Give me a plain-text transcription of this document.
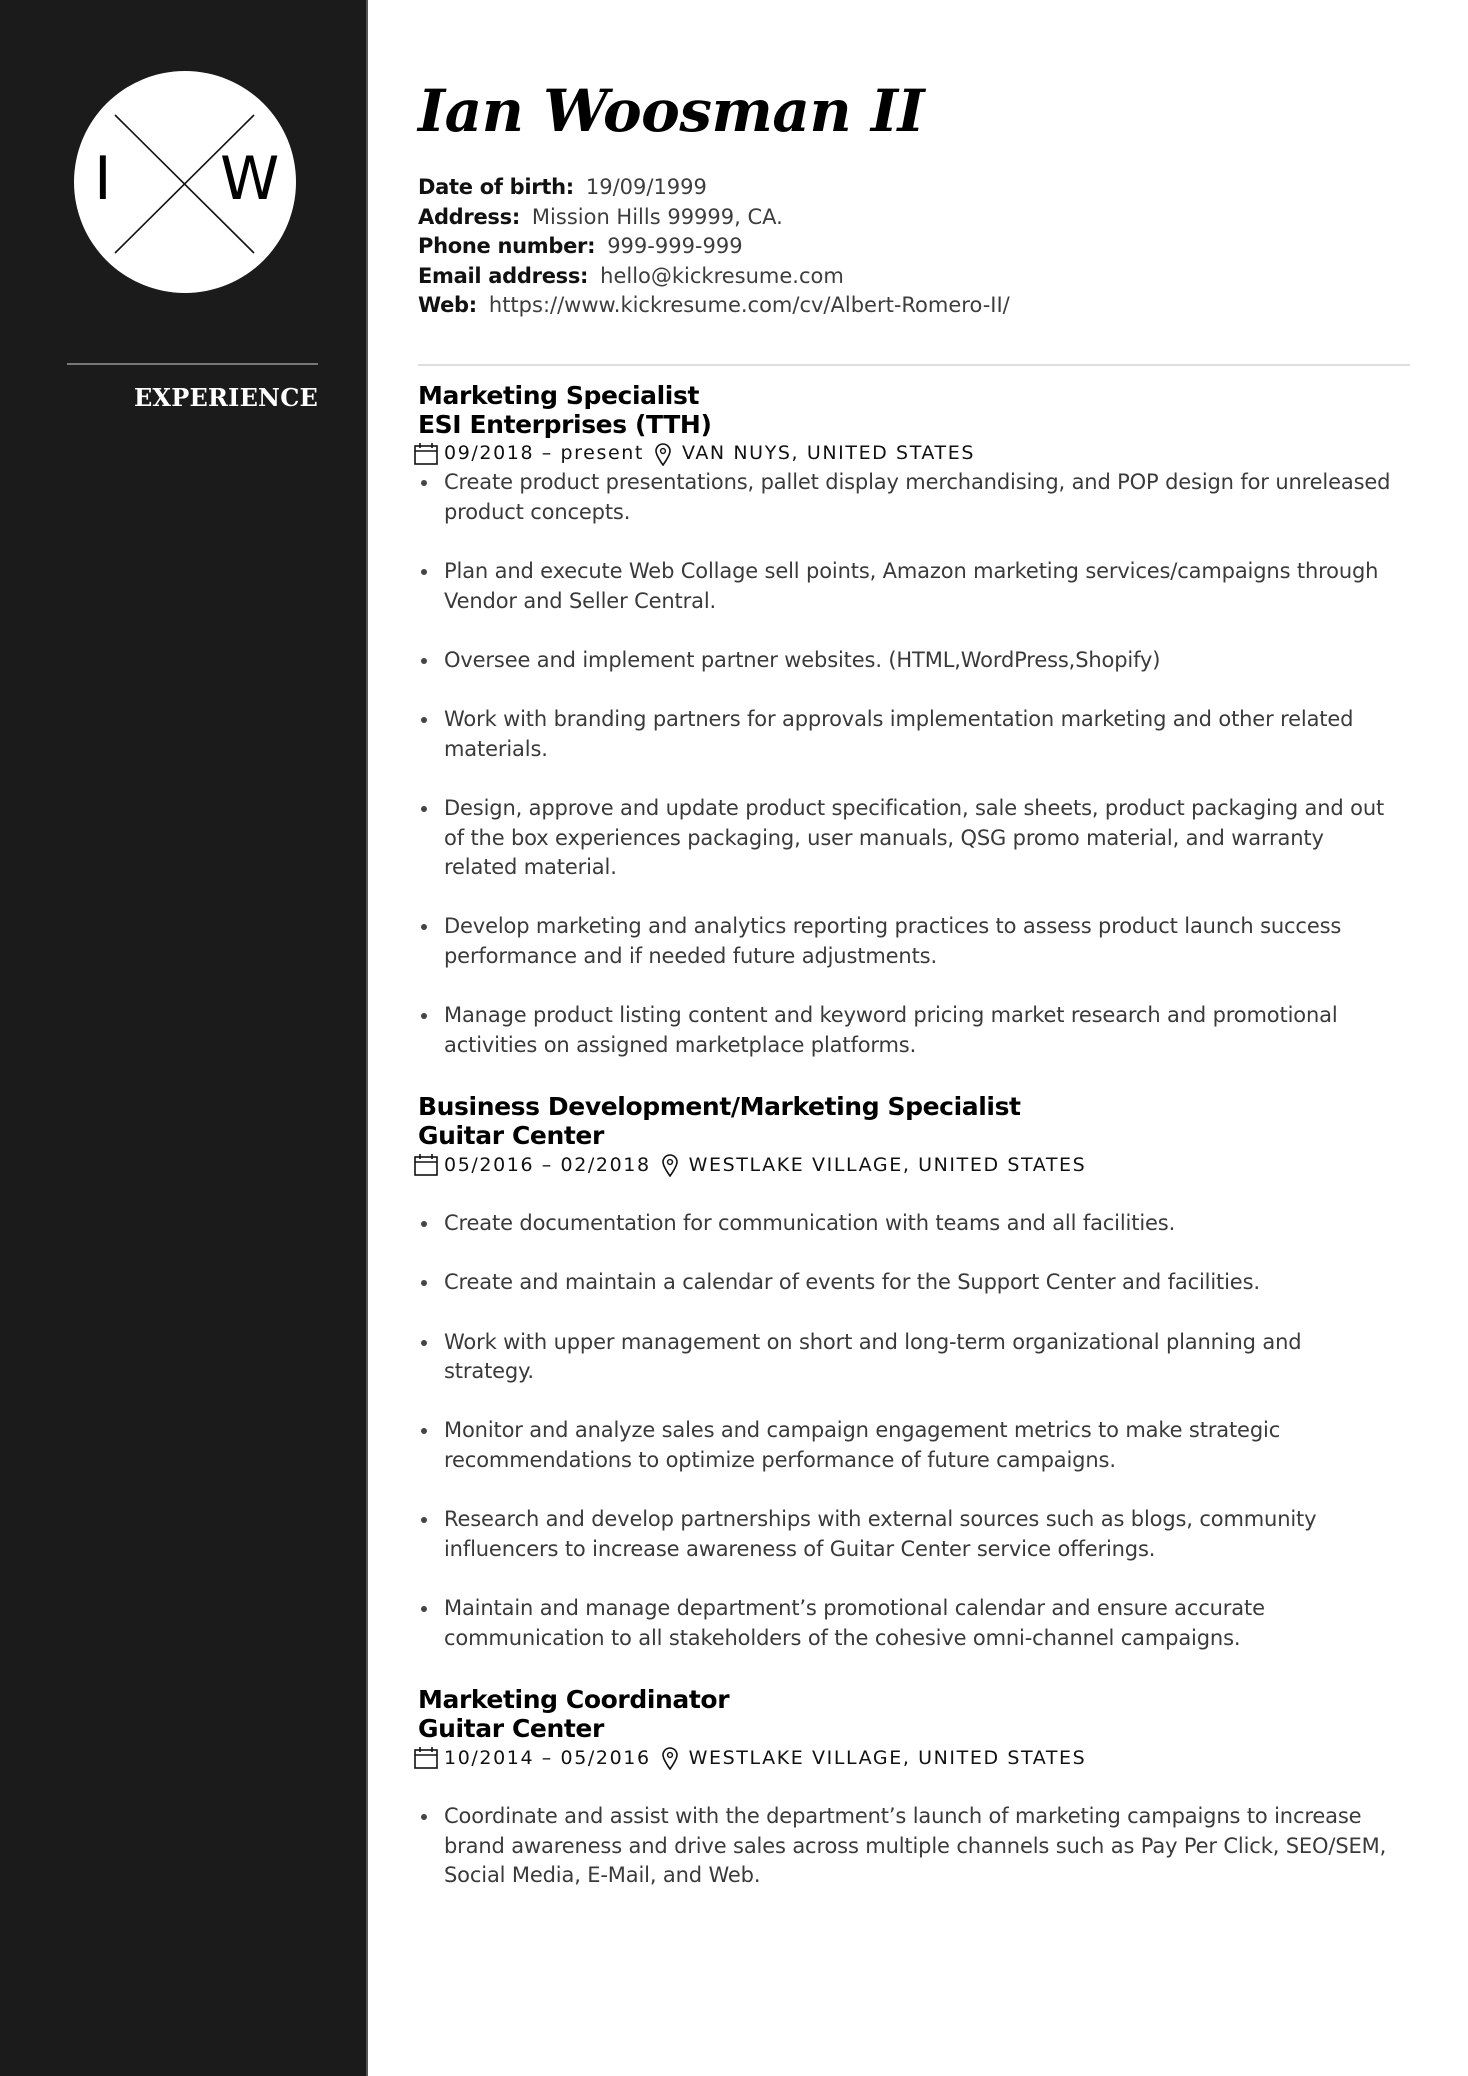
I W
EXPERIENCE
Ian Woosman II
Date of birth: 19/09/1999
Address: Mission Hills 99999, CA.
Phone number: 999-999-999
Email address: hello@kickresume.com
Web: https://www.kickresume.com/cv/Albert-Romero-II/
Marketing Specialist
ESI Enterprises (TTH)
09/2018 – present VAN NUYS, UNITED STATES
Create product presentations, pallet display merchandising, and POP design for unreleased product concepts.
Plan and execute Web Collage sell points, Amazon marketing services/campaigns through Vendor and Seller Central.
Oversee and implement partner websites. (HTML,WordPress,Shopify)
Work with branding partners for approvals implementation marketing and other related materials.
Design, approve and update product specification, sale sheets, product packaging and out of the box experiences packaging, user manuals, QSG promo material, and warranty related material.
Develop marketing and analytics reporting practices to assess product launch success performance and if needed future adjustments.
Manage product listing content and keyword pricing market research and promotional activities on assigned marketplace platforms.
Business Development/Marketing Specialist
Guitar Center
05/2016 – 02/2018 WESTLAKE VILLAGE, UNITED STATES
Create documentation for communication with teams and all facilities.
Create and maintain a calendar of events for the Support Center and facilities.
Work with upper management on short and long-term organizational planning and strategy.
Monitor and analyze sales and campaign engagement metrics to make strategic recommendations to optimize performance of future campaigns.
Research and develop partnerships with external sources such as blogs, community influencers to increase awareness of Guitar Center service offerings.
Maintain and manage department’s promotional calendar and ensure accurate communication to all stakeholders of the cohesive omni-channel campaigns.
Marketing Coordinator
Guitar Center
10/2014 – 05/2016 WESTLAKE VILLAGE, UNITED STATES
Coordinate and assist with the department’s launch of marketing campaigns to increase brand awareness and drive sales across multiple channels such as Pay Per Click, SEO/SEM, Social Media, E-Mail, and Web.
